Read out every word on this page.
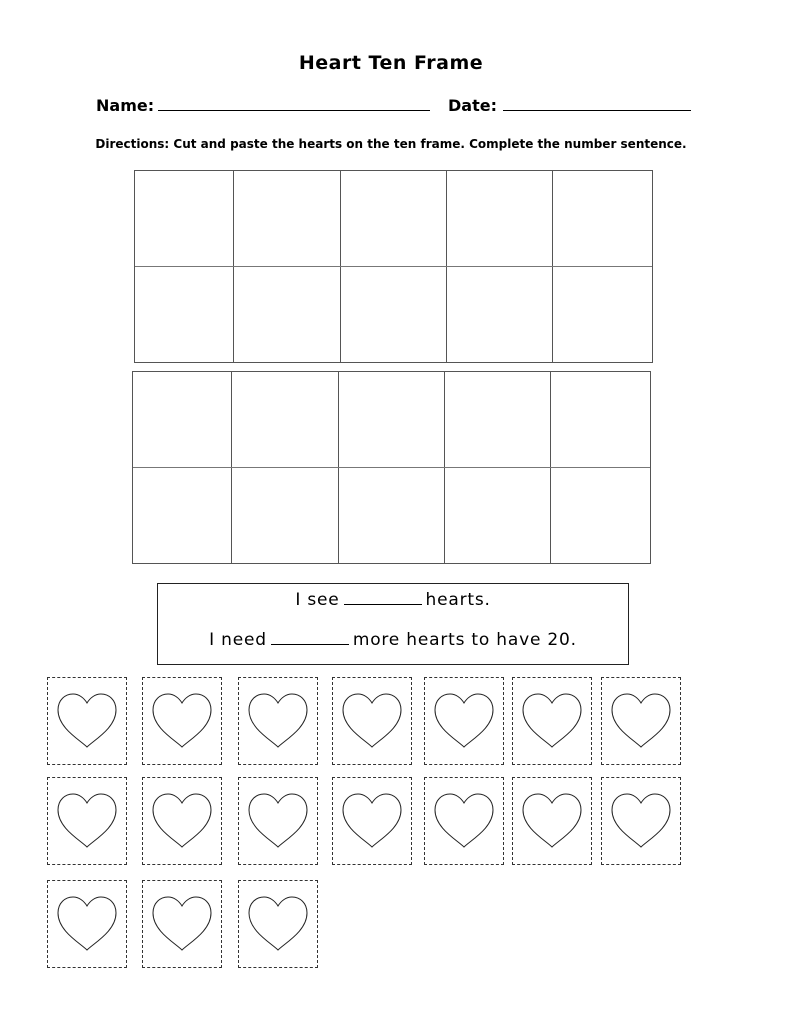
Heart Ten Frame
Name:	Date:
Directions: Cut and paste the hearts on the ten frame. Complete the number sentence.
I see	hearts.
I need	more hearts to have 20.
